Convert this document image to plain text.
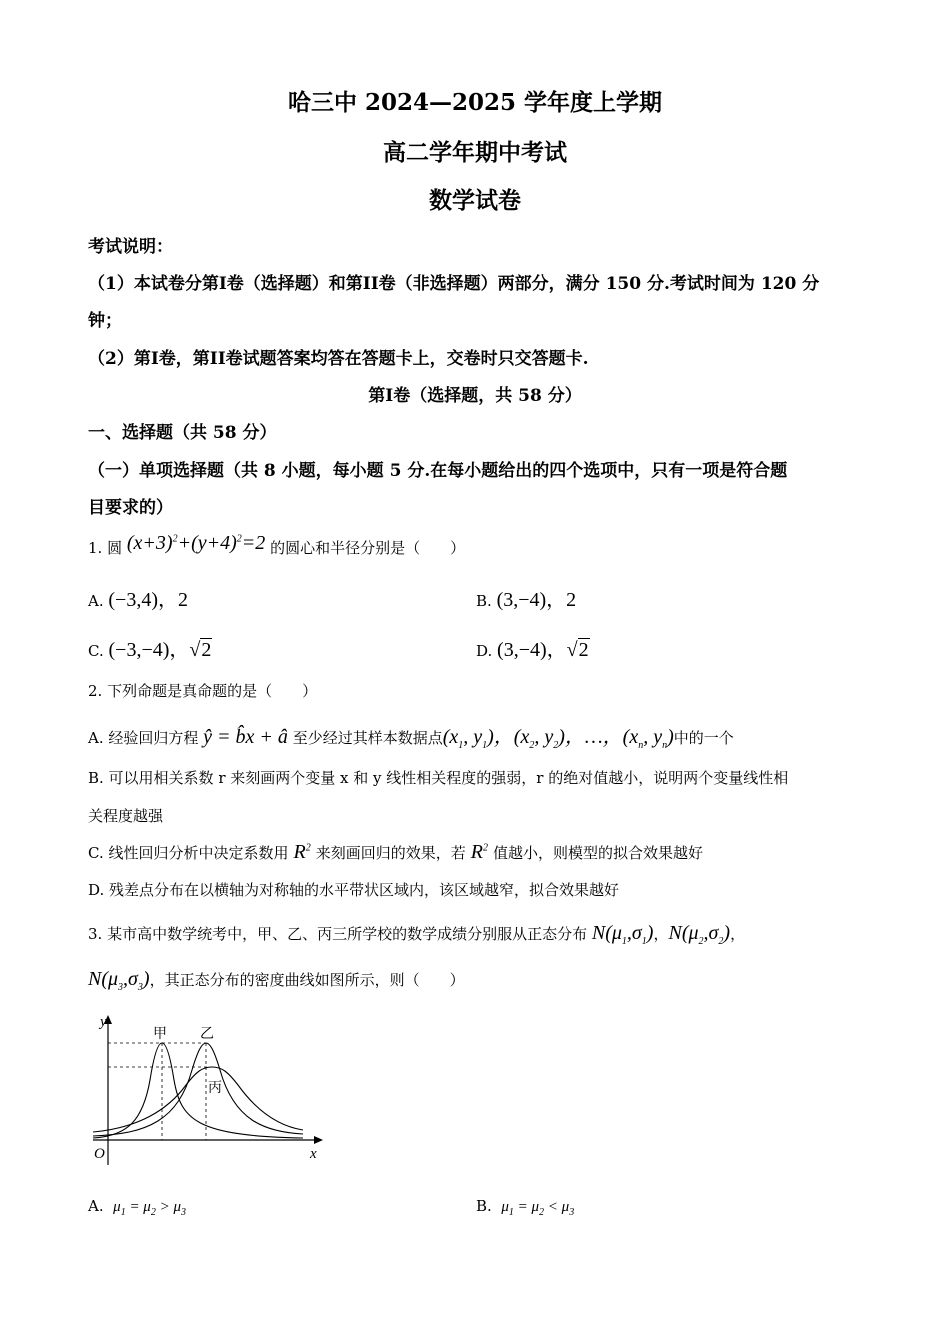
哈三中 2024—2025 学年度上学期
高二学年期中考试
数学试卷
考试说明：
（1）本试卷分第I卷（选择题）和第II卷（非选择题）两部分，满分 150 分.考试时间为 120 分
钟；
（2）第I卷，第II卷试题答案均答在答题卡上，交卷时只交答题卡.
第I卷（选择题，共 58 分）
一、选择题（共 58 分）
（一）单项选择题（共 8 小题，每小题 5 分.在每小题给出的四个选项中，只有一项是符合题
目要求的）
1. 圆 $(x+3)^2+(y+4)^2=2$ 的圆心和半径分别是（　　）
A. (−3,4)，2	B. (3,−4)，2
C. (−3,−4)，√2	D. (3,−4)，√2
2. 下列命题是真命题的是（　　）
A. 经验回归方程 ŷ = b̂x + â 至少经过其样本数据点($x_1$, $y_1$)，($x_2$, $y_2$)，…，($x_n$, $y_n$)中的一个
B. 可以用相关系数 r 来刻画两个变量 x 和 y 线性相关程度的强弱，r 的绝对值越小，说明两个变量线性相
关程度越强
C. 线性回归分析中决定系数用 $R^2$ 来刻画回归的效果，若 $R^2$ 值越小，则模型的拟合效果越好
D. 残差点分布在以横轴为对称轴的水平带状区域内，该区域越窄，拟合效果越好
3. 某市高中数学统考中，甲、乙、丙三所学校的数学成绩分别服从正态分布 $N(\mu_1,\sigma_1)$，$N(\mu_2,\sigma_2)$，
$N(\mu_3,\sigma_3)$，其正态分布的密度曲线如图所示，则（　　）
y
x
O
甲 乙
丙
A. $\mu_1 = \mu_2 > \mu_3$	B. $\mu_1 = \mu_2 < \mu_3$
